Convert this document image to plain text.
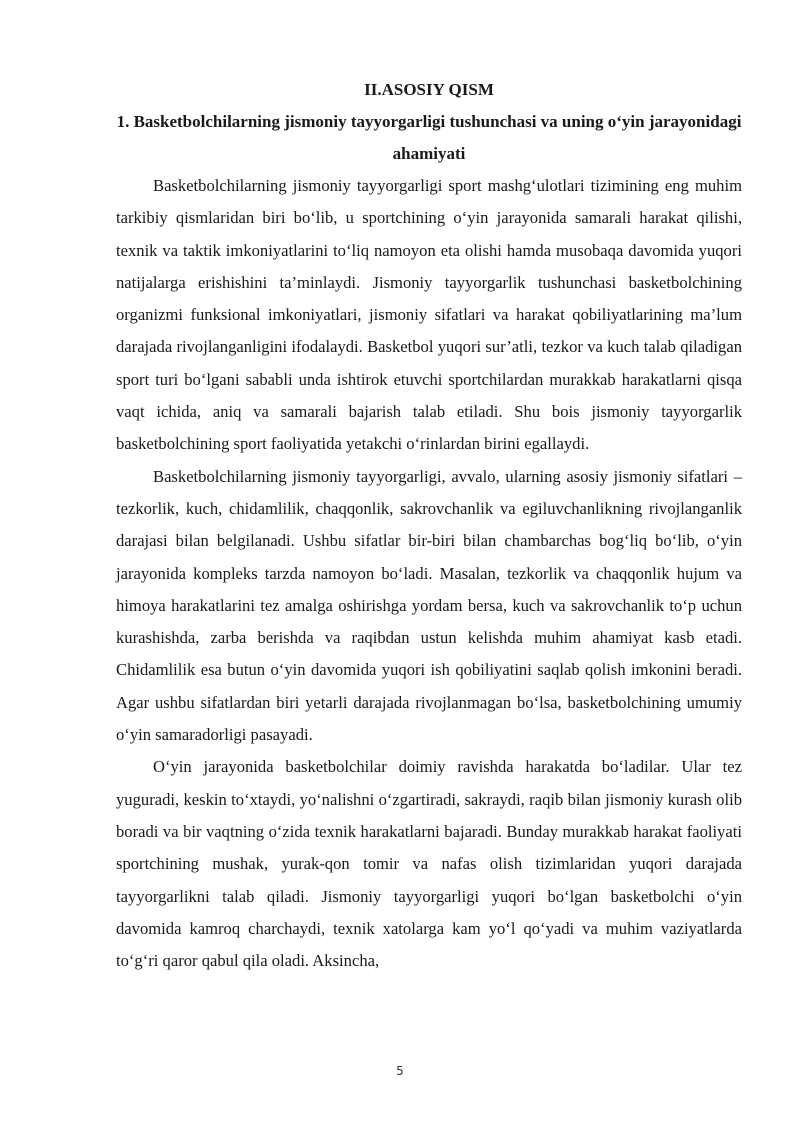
II.ASOSIY QISM

1. Basketbolchilarning jismoniy tayyorgarligi tushunchasi va uning o‘yin jarayonidagi ahamiyati

Basketbolchilarning jismoniy tayyorgarligi sport mashg‘ulotlari tizimining eng muhim tarkibiy qismlaridan biri bo‘lib, u sportchining o‘yin jarayonida samarali harakat qilishi, texnik va taktik imkoniyatlarini to‘liq namoyon eta olishi hamda musobaqa davomida yuqori natijalarga erishishini ta’minlaydi. Jismoniy tayyorgarlik tushunchasi basketbolchining organizmi funksional imkoniyatlari, jismoniy sifatlari va harakat qobiliyatlarining ma’lum darajada rivojlanganligini ifodalaydi. Basketbol yuqori sur’atli, tezkor va kuch talab qiladigan sport turi bo‘lgani sababli unda ishtirok etuvchi sportchilardan murakkab harakatlarni qisqa vaqt ichida, aniq va samarali bajarish talab etiladi. Shu bois jismoniy tayyorgarlik basketbolchining sport faoliyatida yetakchi o‘rinlardan birini egallaydi.

Basketbolchilarning jismoniy tayyorgarligi, avvalo, ularning asosiy jismoniy sifatlari – tezkorlik, kuch, chidamlilik, chaqqonlik, sakrovchanlik va egiluvchanlikning rivojlanganlik darajasi bilan belgilanadi. Ushbu sifatlar bir-biri bilan chambarchas bog‘liq bo‘lib, o‘yin jarayonida kompleks tarzda namoyon bo‘ladi. Masalan, tezkorlik va chaqqonlik hujum va himoya harakatlarini tez amalga oshirishga yordam bersa, kuch va sakrovchanlik to‘p uchun kurashishda, zarba berishda va raqibdan ustun kelishda muhim ahamiyat kasb etadi. Chidamlilik esa butun o‘yin davomida yuqori ish qobiliyatini saqlab qolish imkonini beradi. Agar ushbu sifatlardan biri yetarli darajada rivojlanmagan bo‘lsa, basketbolchining umumiy o‘yin samaradorligi pasayadi.

O‘yin jarayonida basketbolchilar doimiy ravishda harakatda bo‘ladilar. Ular tez yuguradi, keskin to‘xtaydi, yo‘nalishni o‘zgartiradi, sakraydi, raqib bilan jismoniy kurash olib boradi va bir vaqtning o‘zida texnik harakatlarni bajaradi. Bunday murakkab harakat faoliyati sportchining mushak, yurak-qon tomir va nafas olish tizimlaridan yuqori darajada tayyorgarlikni talab qiladi. Jismoniy tayyorgarligi yuqori bo‘lgan basketbolchi o‘yin davomida kamroq charchaydi, texnik xatolarga kam yo‘l qo‘yadi va muhim vaziyatlarda to‘g‘ri qaror qabul qila oladi. Aksincha,

5
